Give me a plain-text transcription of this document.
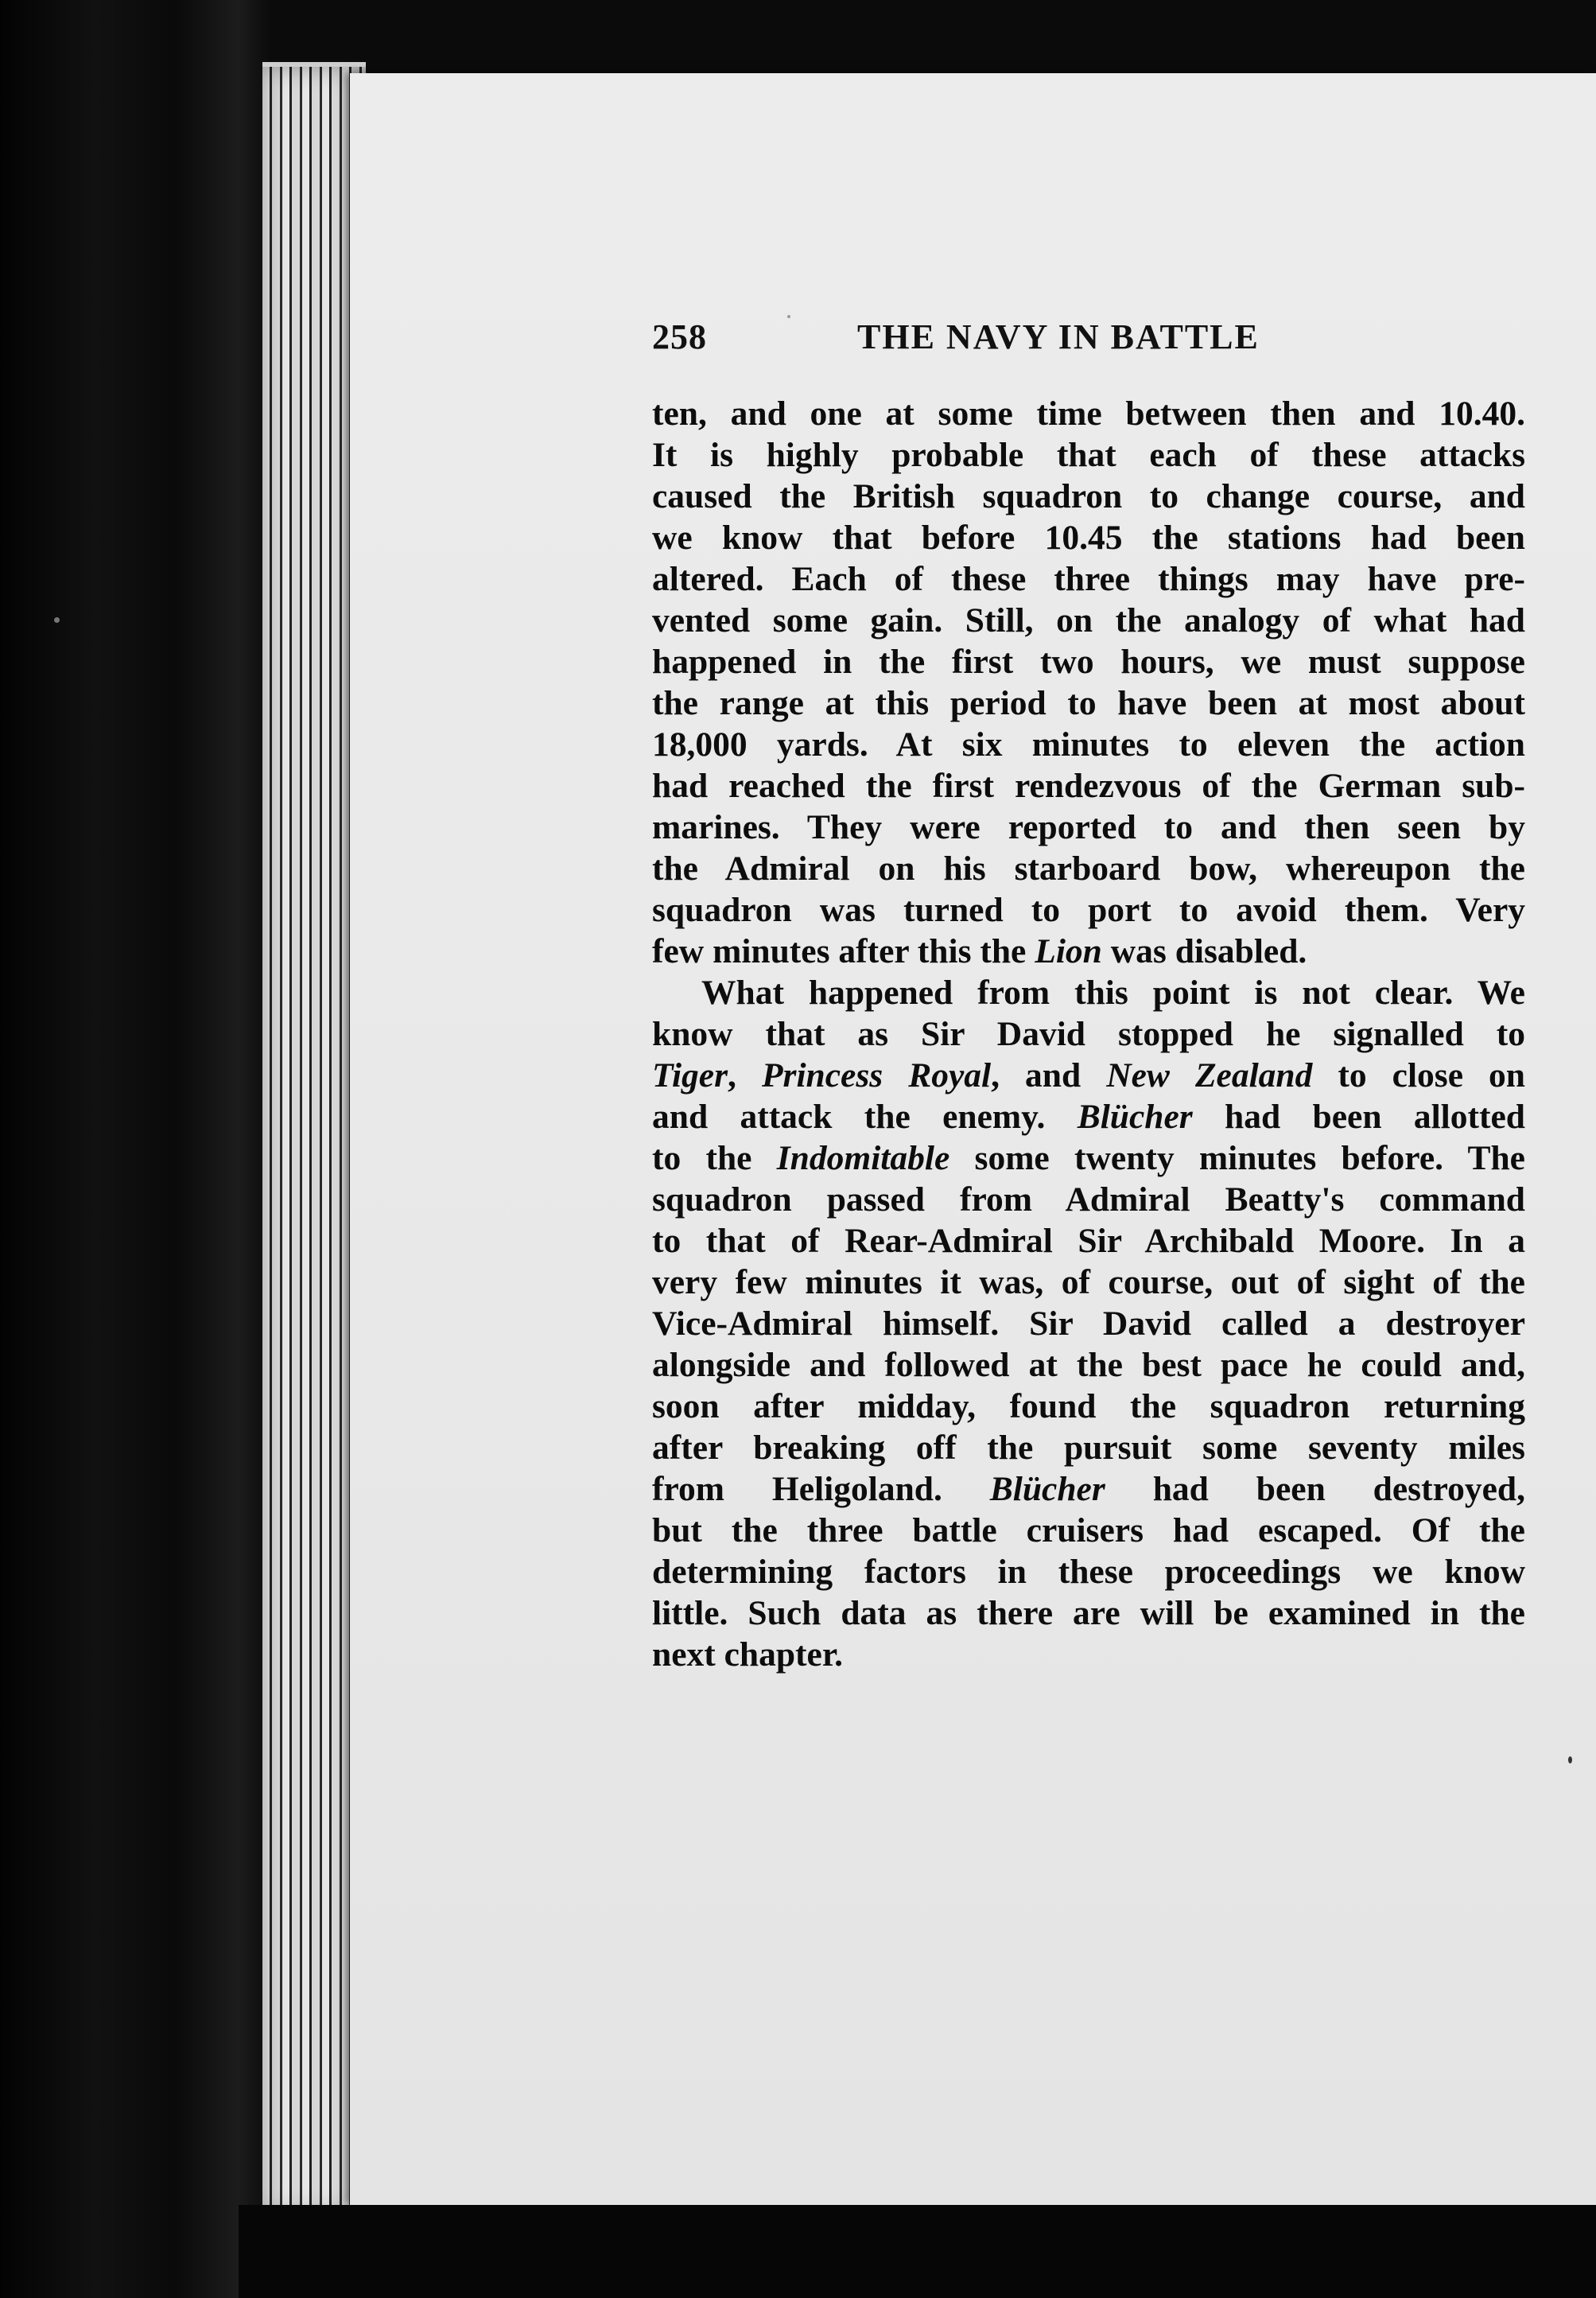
258	THE NAVY IN BATTLE
ten, and one at some time between then and 10.40.
It is highly probable that each of these attacks
caused the British squadron to change course, and
we know that before 10.45 the stations had been
altered. Each of these three things may have pre-
vented some gain. Still, on the analogy of what had
happened in the first two hours, we must suppose
the range at this period to have been at most about
18,000 yards. At six minutes to eleven the action
had reached the first rendezvous of the German sub-
marines. They were reported to and then seen by
the Admiral on his starboard bow, whereupon the
squadron was turned to port to avoid them. Very
few minutes after this the Lion was disabled.
What happened from this point is not clear. We
know that as Sir David stopped he signalled to
Tiger, Princess Royal, and New Zealand to close on
and attack the enemy. Blücher had been allotted
to the Indomitable some twenty minutes before. The
squadron passed from Admiral Beatty's command
to that of Rear-Admiral Sir Archibald Moore. In a
very few minutes it was, of course, out of sight of the
Vice-Admiral himself. Sir David called a destroyer
alongside and followed at the best pace he could and,
soon after midday, found the squadron returning
after breaking off the pursuit some seventy miles
from Heligoland. Blücher had been destroyed,
but the three battle cruisers had escaped. Of the
determining factors in these proceedings we know
little. Such data as there are will be examined in the
next chapter.
